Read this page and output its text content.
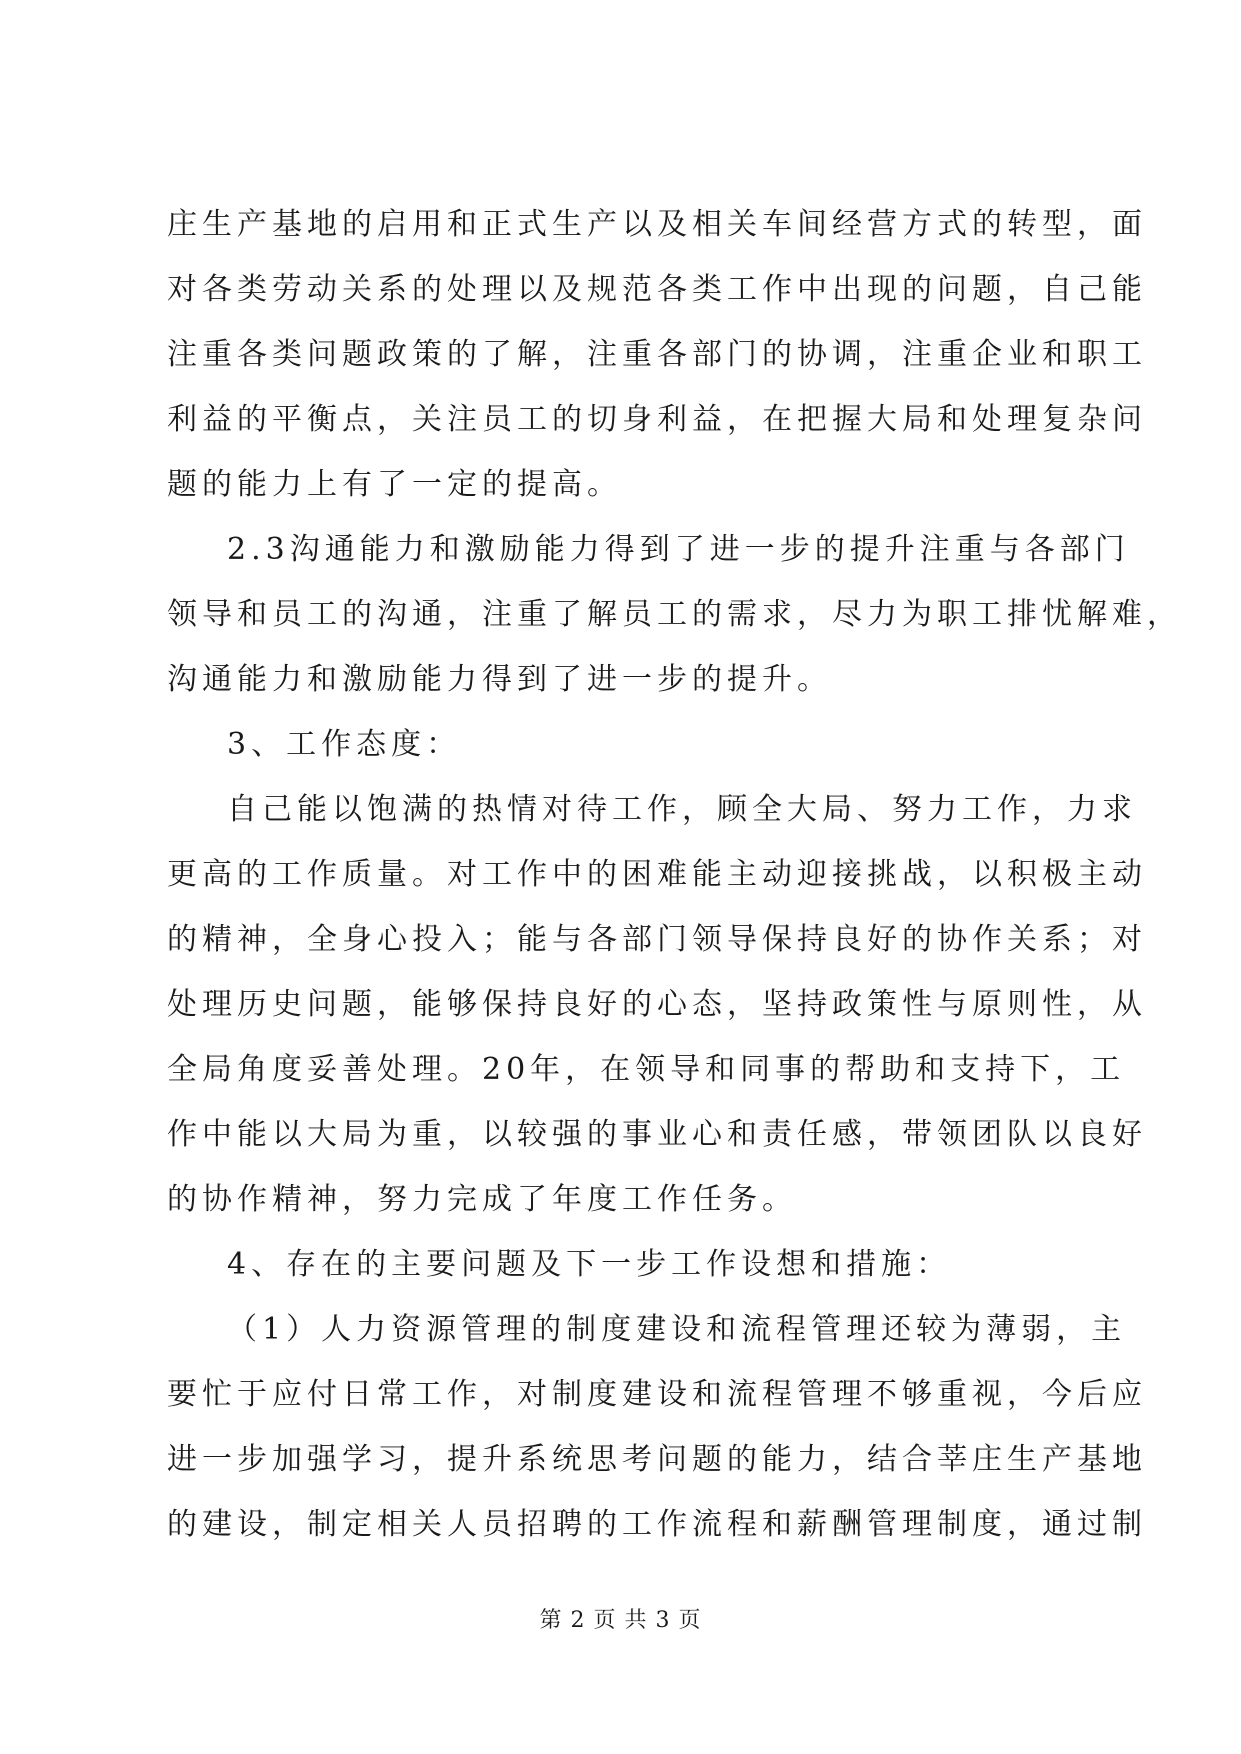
庄生产基地的启用和正式生产以及相关车间经营方式的转型，面
对各类劳动关系的处理以及规范各类工作中出现的问题，自己能
注重各类问题政策的了解，注重各部门的协调，注重企业和职工
利益的平衡点，关注员工的切身利益，在把握大局和处理复杂问
题的能力上有了一定的提高。
2.3沟通能力和激励能力得到了进一步的提升注重与各部门
领导和员工的沟通，注重了解员工的需求，尽力为职工排忧解难，
沟通能力和激励能力得到了进一步的提升。
3、工作态度：
自己能以饱满的热情对待工作，顾全大局、努力工作，力求
更高的工作质量。对工作中的困难能主动迎接挑战，以积极主动
的精神，全身心投入；能与各部门领导保持良好的协作关系；对
处理历史问题，能够保持良好的心态，坚持政策性与原则性，从
全局角度妥善处理。20年，在领导和同事的帮助和支持下，工
作中能以大局为重，以较强的事业心和责任感，带领团队以良好
的协作精神，努力完成了年度工作任务。
4、存在的主要问题及下一步工作设想和措施：
（1）人力资源管理的制度建设和流程管理还较为薄弱，主
要忙于应付日常工作，对制度建设和流程管理不够重视，今后应
进一步加强学习，提升系统思考问题的能力，结合莘庄生产基地
的建设，制定相关人员招聘的工作流程和薪酬管理制度，通过制
第 2 页 共 3 页
